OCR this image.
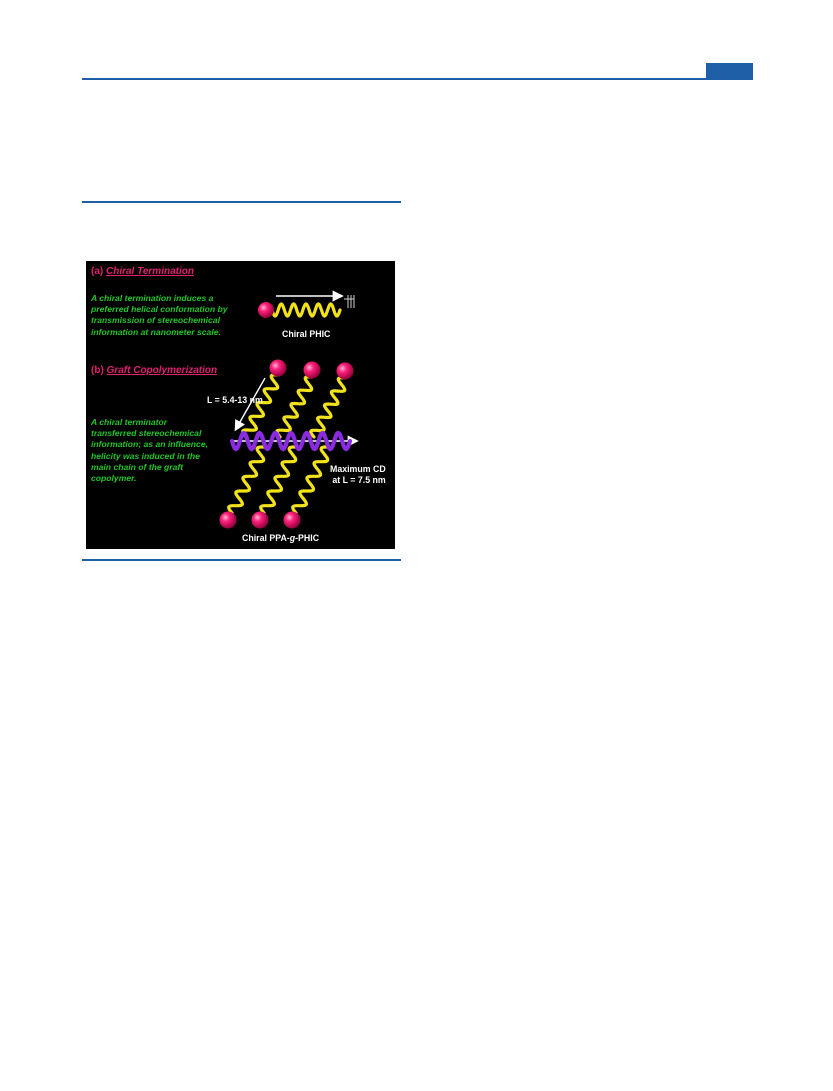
(a) Chiral Termination
A chiral termination induces a
preferred helical conformation by
transmission of stereochemical
information at nanometer scale.	Chiral PHIC
(b) Graft Copolymerization
L = 5.4-13 nm
A chiral terminator
transferred stereochemical
information; as an influence,
helicity was induced in the
main chain of the graft
copolymer.
Maximum CD
at L = 7.5 nm
Chiral PPA-g-PHIC
